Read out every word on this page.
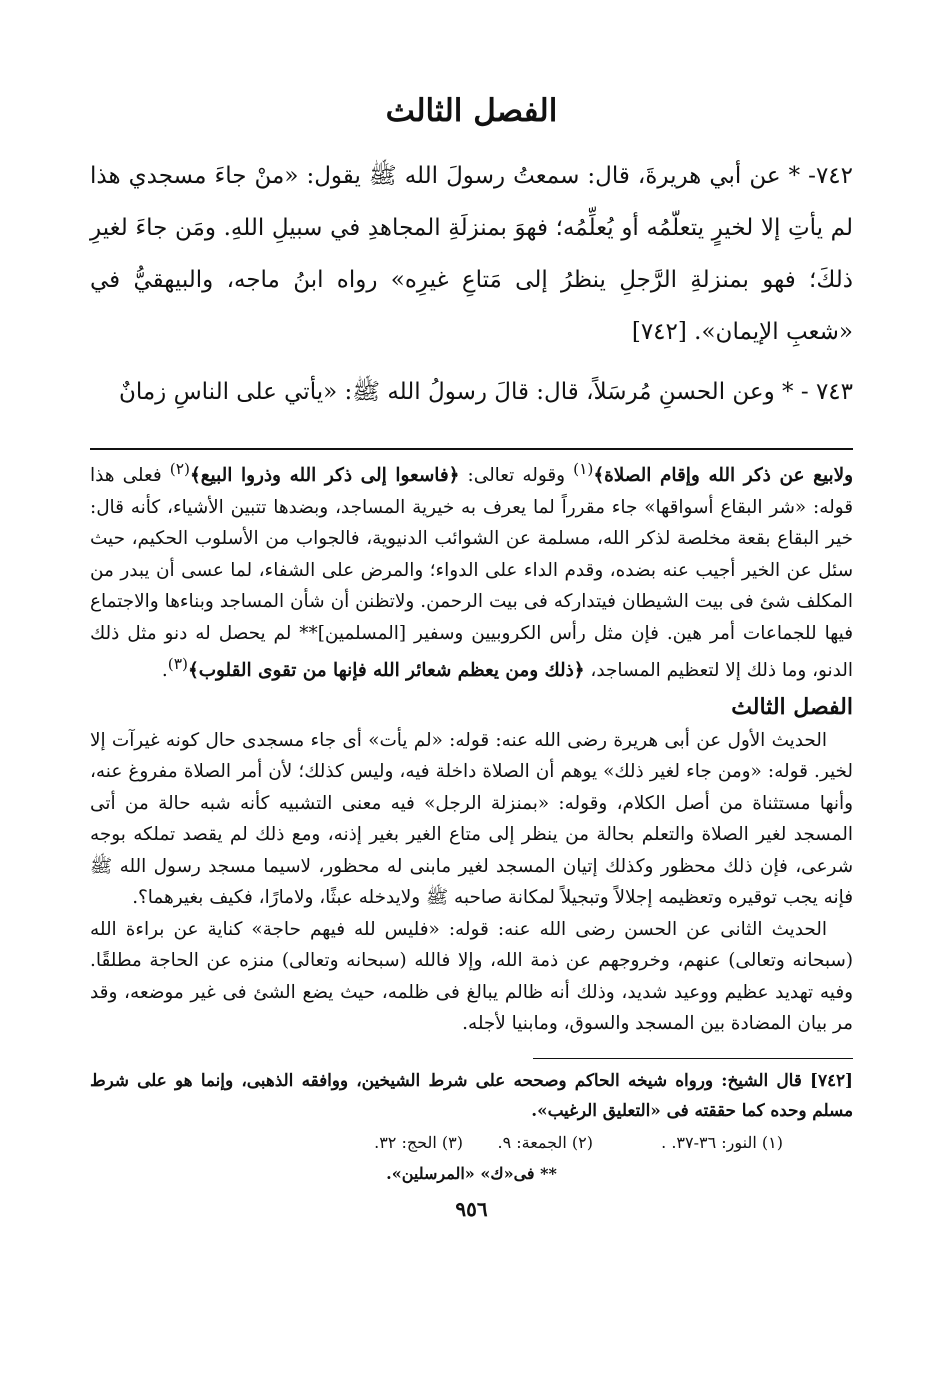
الفصل الثالث

٧٤٢- * عن أبي هريرةَ، قال: سمعتُ رسولَ الله ﷺ يقول: «منْ جاءَ مسجدي هذا لم يأتِ إلا لخيرٍ يتعلّمُه أو يُعلِّمُه؛ فهوَ بمنزلَةِ المجاهدِ في سبيلِ اللهِ. ومَن جاءَ لغيرِ ذلكَ؛ فهو بمنزلةِ الرَّجلِ ينظرُ إلى مَتاعِ غيرِه» رواه ابنُ ماجه، والبيهقيُّ في «شعبِ الإيمان». [٧٤٢]

٧٤٣ - * وعن الحسنِ مُرسَلاً، قال: قالَ رسولُ الله ﷺ: «يأتي على الناسِ زمانٌ

ولابيع عن ذكر الله وإقام الصلاة﴾$^{(١)}$ وقوله تعالى: ﴿فاسعوا إلى ذكر الله وذروا البيع﴾$^{(٢)}$ فعلى هذا قوله: «شر البقاع أسواقها» جاء مقرراً لما يعرف به خيرية المساجد، وبضدها تتبين الأشياء، كأنه قال: خير البقاع بقعة مخلصة لذكر الله، مسلمة عن الشوائب الدنيوية، فالجواب من الأسلوب الحكيم، حيث سئل عن الخير أجيب عنه بضده، وقدم الداء على الدواء؛ والمرض على الشفاء، لما عسى أن يبدر من المكلف شئ فى بيت الشيطان فيتداركه فى بيت الرحمن. ولاتظنن أن شأن المساجد وبناءها والاجتماع فيها للجماعات أمر هين. فإن مثل رأس الكروبيين وسفير [المسلمين]** لم يحصل له دنو مثل ذلك الدنو، وما ذلك إلا لتعظيم المساجد، ﴿ذلك ومن يعظم شعائر الله فإنها من تقوى القلوب﴾$^{(٣)}$.

الفصل الثالث

الحديث الأول عن أبى هريرة رضى الله عنه: قوله: «لم يأت» أى جاء مسجدى حال كونه غيرآت إلا لخير. قوله: «ومن جاء لغير ذلك» يوهم أن الصلاة داخلة فيه، وليس كذلك؛ لأن أمر الصلاة مفروغ عنه، وأنها مستثناة من أصل الكلام، وقوله: «بمنزلة الرجل» فيه معنى التشبيه كأنه شبه حالة من أتى المسجد لغير الصلاة والتعلم بحالة من ينظر إلى متاع الغير بغير إذنه، ومع ذلك لم يقصد تملكه بوجه شرعى، فإن ذلك محظور وكذلك إتيان المسجد لغير مابنى له محظور، لاسيما مسجد رسول الله ﷺ فإنه يجب توقيره وتعظيمه إجلالاً وتبجيلاً لمكانة صاحبه ﷺ ولايدخله عبثًا، ولامارًا، فكيف بغيرهما؟.

الحديث الثانى عن الحسن رضى الله عنه: قوله: «فليس لله فيهم حاجة» كناية عن براءة الله (سبحانه وتعالى) عنهم، وخروجهم عن ذمة الله، وإلا فالله (سبحانه وتعالى) منزه عن الحاجة مطلقًا. وفيه تهديد عظيم ووعيد شديد، وذلك أنه ظالم يبالغ فى ظلمه، حيث يضع الشئ فى غير موضعه، وقد مر بيان المضادة بين المسجد والسوق، ومابنيا لأجله.

[٧٤٢] قال الشيخ: ورواه شيخه الحاكم وصححه على شرط الشيخين، ووافقه الذهبى، وإنما هو على شرط مسلم وحده كما حققته فى «التعليق الرغيب».
(١) النور: ٣٦-٣٧. .
(٢) الجمعة: ٩.
(٣) الحج: ٣٢.
** فى«ك» «المرسلين».
٩٥٦
